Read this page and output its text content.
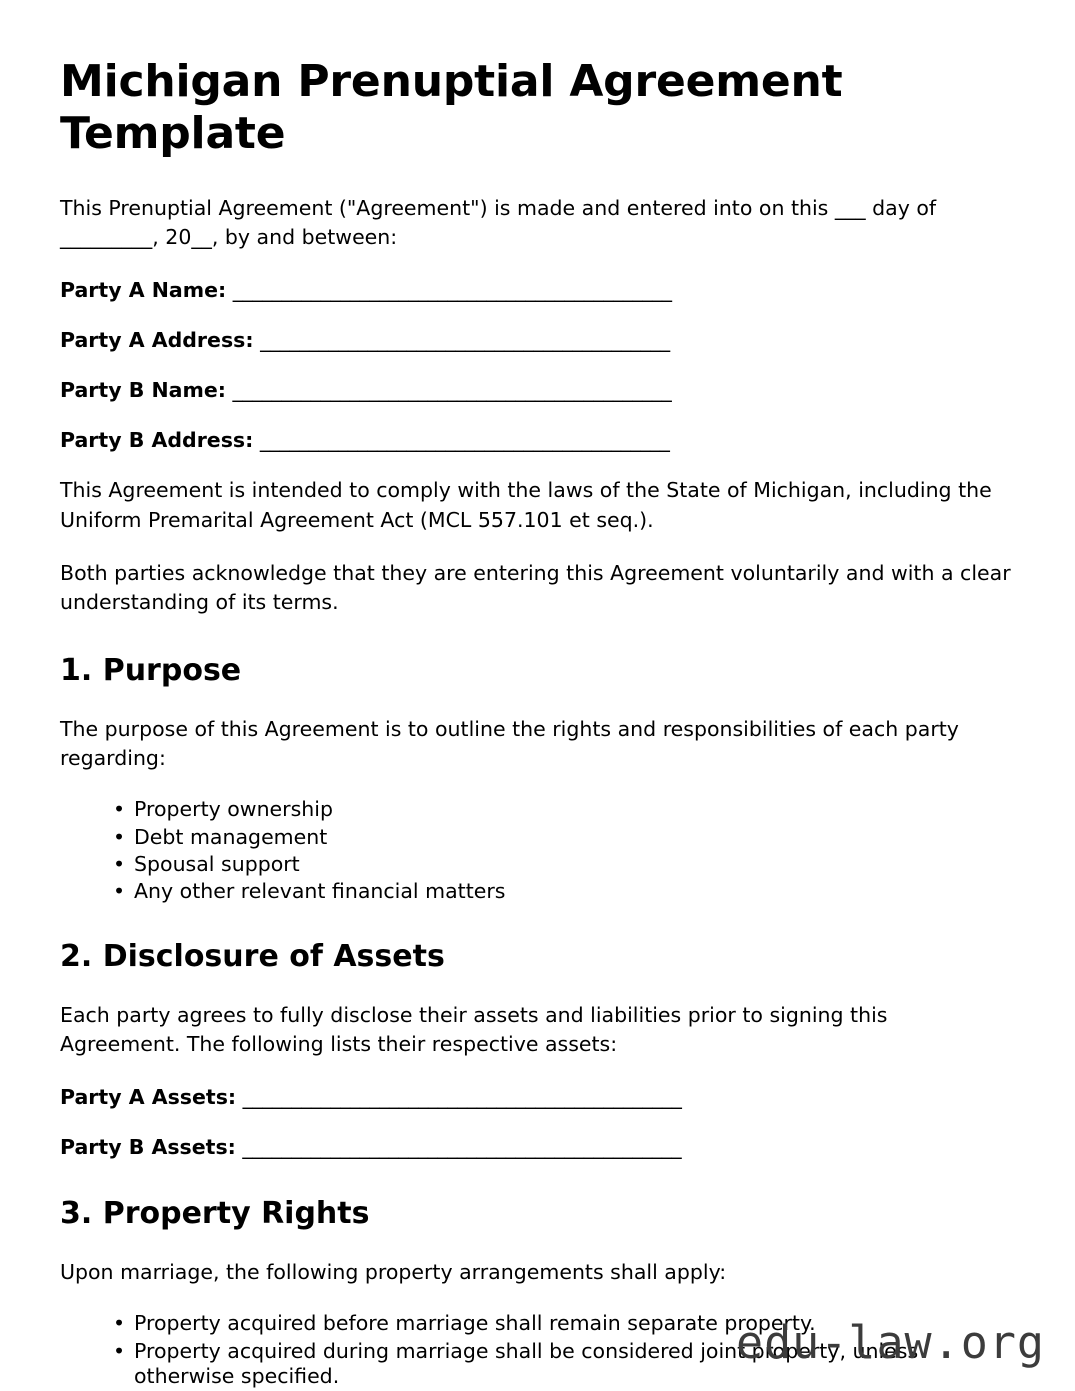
Michigan Prenuptial Agreement Template

This Prenuptial Agreement ("Agreement") is made and entered into on this ___ day of _________, 20__, by and between:

Party A Name: _____________________________________________
Party A Address: __________________________________________
Party B Name: _____________________________________________
Party B Address: __________________________________________

This Agreement is intended to comply with the laws of the State of Michigan, including the Uniform Premarital Agreement Act (MCL 557.101 et seq.).

Both parties acknowledge that they are entering this Agreement voluntarily and with a clear understanding of its terms.

1. Purpose

The purpose of this Agreement is to outline the rights and responsibilities of each party regarding:

• Property ownership
• Debt management
• Spousal support
• Any other relevant financial matters
2. Disclosure of Assets

Each party agrees to fully disclose their assets and liabilities prior to signing this Agreement. The following lists their respective assets:

Party A Assets: _____________________________________________
Party B Assets: _____________________________________________
3. Property Rights

Upon marriage, the following property arrangements shall apply:

• Property acquired before marriage shall remain separate property.
• Property acquired during marriage shall be considered joint property, unless otherwise specified.
edu-law.org
